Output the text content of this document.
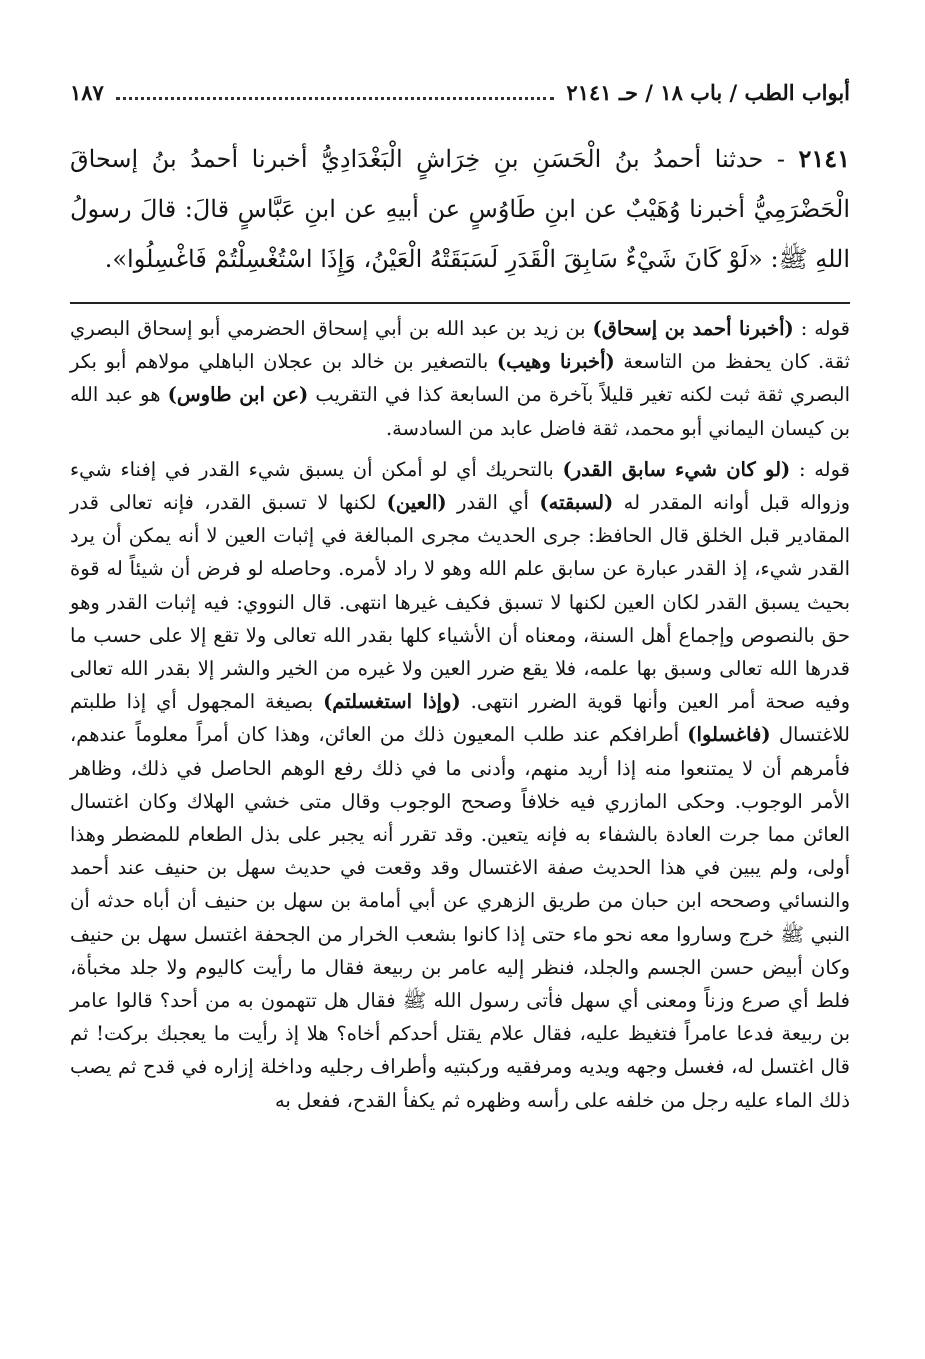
أبواب الطب / باب ١٨ / حـ ٢١٤١
١٨٧
٢١٤١ - حدثنا أحمدُ بنُ الْحَسَنِ بنِ خِرَاشٍ الْبَغْدَادِيُّ أخبرنا أحمدُ بنُ إسحاقَ الْحَضْرَمِيُّ أخبرنا وُهَيْبٌ عن ابنِ طَاوُسٍ عن أبيهِ عن ابنِ عَبَّاسٍ قالَ: قالَ رسولُ اللهِ ﷺ: «لَوْ كَانَ شَيْءٌ سَابِقَ الْقَدَرِ لَسَبَقَتْهُ الْعَيْنُ، وَإِذَا اسْتُغْسِلْتُمْ فَاغْسِلُوا».

قوله : (أخبرنا أحمد بن إسحاق) بن زيد بن عبد الله بن أبي إسحاق الحضرمي أبو إسحاق البصري ثقة. كان يحفظ من التاسعة (أخبرنا وهيب) بالتصغير بن خالد بن عجلان الباهلي مولاهم أبو بكر البصري ثقة ثبت لكنه تغير قليلاً بآخرة من السابعة كذا في التقريب (عن ابن طاوس) هو عبد الله بن كيسان اليماني أبو محمد، ثقة فاضل عابد من السادسة.

قوله : (لو كان شيء سابق القدر) بالتحريك أي لو أمكن أن يسبق شيء القدر في إفناء شيء وزواله قبل أوانه المقدر له (لسبقته) أي القدر (العين) لكنها لا تسبق القدر، فإنه تعالى قدر المقادير قبل الخلق قال الحافظ: جرى الحديث مجرى المبالغة في إثبات العين لا أنه يمكن أن يرد القدر شيء، إذ القدر عبارة عن سابق علم الله وهو لا راد لأمره. وحاصله لو فرض أن شيئاً له قوة بحيث يسبق القدر لكان العين لكنها لا تسبق فكيف غيرها انتهى. قال النووي: فيه إثبات القدر وهو حق بالنصوص وإجماع أهل السنة، ومعناه أن الأشياء كلها بقدر الله تعالى ولا تقع إلا على حسب ما قدرها الله تعالى وسبق بها علمه، فلا يقع ضرر العين ولا غيره من الخير والشر إلا بقدر الله تعالى وفيه صحة أمر العين وأنها قوية الضرر انتهى. (وإذا استغسلتم) بصيغة المجهول أي إذا طلبتم للاغتسال (فاغسلوا) أطرافكم عند طلب المعيون ذلك من العائن، وهذا كان أمراً معلوماً عندهم، فأمرهم أن لا يمتنعوا منه إذا أريد منهم، وأدنى ما في ذلك رفع الوهم الحاصل في ذلك، وظاهر الأمر الوجوب. وحكى المازري فيه خلافاً وصحح الوجوب وقال متى خشي الهلاك وكان اغتسال العائن مما جرت العادة بالشفاء به فإنه يتعين. وقد تقرر أنه يجبر على بذل الطعام للمضطر وهذا أولى، ولم يبين في هذا الحديث صفة الاغتسال وقد وقعت في حديث سهل بن حنيف عند أحمد والنسائي وصححه ابن حبان من طريق الزهري عن أبي أمامة بن سهل بن حنيف أن أباه حدثه أن النبي ﷺ خرج وساروا معه نحو ماء حتى إذا كانوا بشعب الخرار من الجحفة اغتسل سهل بن حنيف وكان أبيض حسن الجسم والجلد، فنظر إليه عامر بن ربيعة فقال ما رأيت كاليوم ولا جلد مخبأة، فلط أي صرع وزناً ومعنى أي سهل فأتى رسول الله ﷺ فقال هل تتهمون به من أحد؟ قالوا عامر بن ربيعة فدعا عامراً فتغيظ عليه، فقال علام يقتل أحدكم أخاه؟ هلا إذ رأيت ما يعجبك بركت! ثم قال اغتسل له، فغسل وجهه ويديه ومرفقيه وركبتيه وأطراف رجليه وداخلة إزاره في قدح ثم يصب ذلك الماء عليه رجل من خلفه على رأسه وظهره ثم يكفأ القدح، ففعل به
